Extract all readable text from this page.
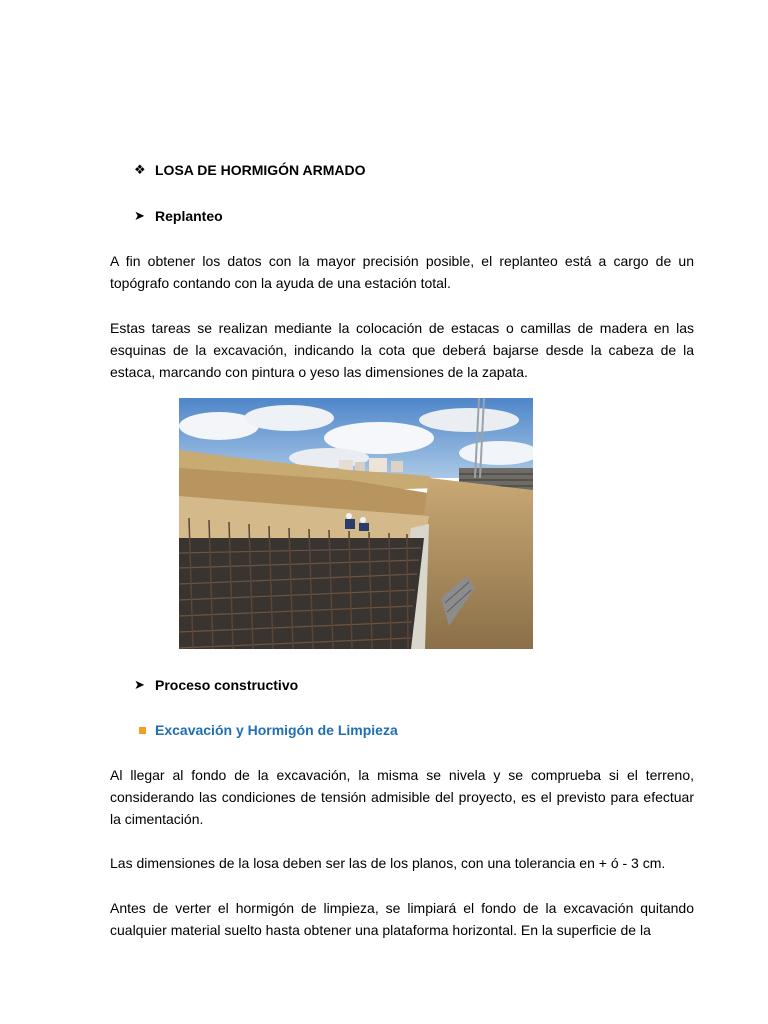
❖ LOSA DE HORMIGÓN ARMADO
➤ Replanteo

A fin obtener los datos con la mayor precisión posible, el replanteo está a cargo de un topógrafo contando con la ayuda de una estación total.

Estas tareas se realizan mediante la colocación de estacas o camillas de madera en las esquinas de la excavación, indicando la cota que deberá bajarse desde la cabeza de la estaca, marcando con pintura o yeso las dimensiones de la zapata.

➤ Proceso constructivo
Excavación y Hormigón de Limpieza

Al llegar al fondo de la excavación, la misma se nivela y se comprueba si el terreno, considerando las condiciones de tensión admisible del proyecto, es el previsto para efectuar la cimentación.

Las dimensiones de la losa deben ser las de los planos, con una tolerancia en + ó - 3 cm.

Antes de verter el hormigón de limpieza, se limpiará el fondo de la excavación quitando cualquier material suelto hasta obtener una plataforma horizontal. En la superficie de la
